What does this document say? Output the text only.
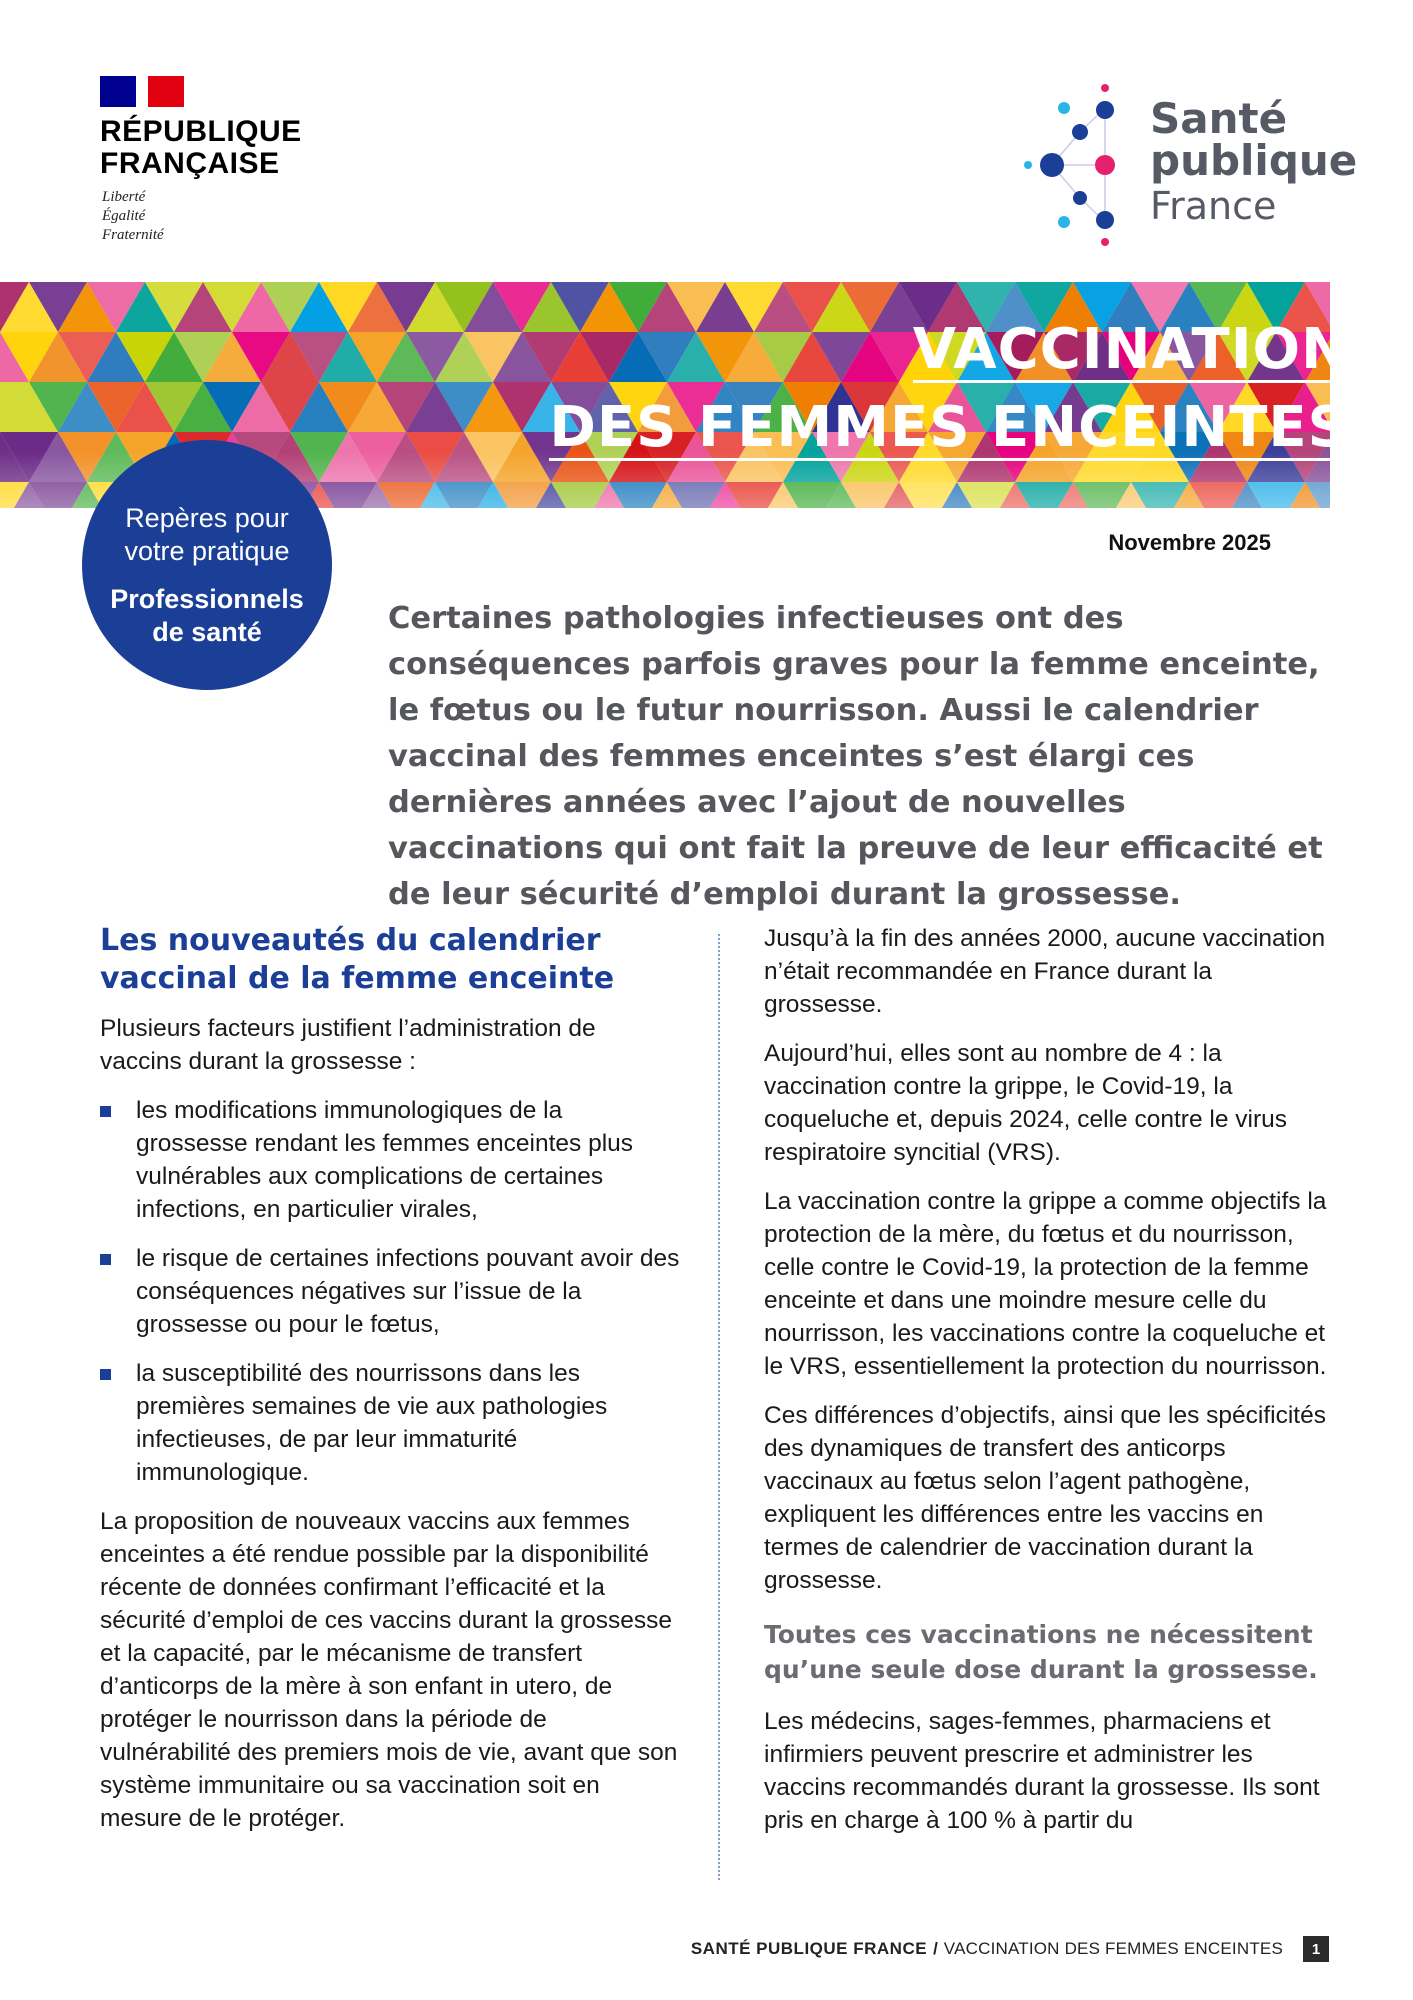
RÉPUBLIQUE
FRANÇAISE
Liberté
Égalité
Fraternité
Santé
publique
France
VACCINATION
DES FEMMES ENCEINTES
Repères pour
votre pratique
Professionnels
de santé
Novembre 2025
Certaines pathologies infectieuses ont des conséquences parfois graves pour la femme enceinte, le fœtus ou le futur nourrisson. Aussi le calendrier vaccinal des femmes enceintes s’est élargi ces dernières années avec l’ajout de nouvelles vaccinations qui ont fait la preuve de leur efficacité et de leur sécurité d’emploi durant la grossesse.
Les nouveautés du calendrier vaccinal de la femme enceinte

Plusieurs facteurs justifient l’administration de vaccins durant la grossesse :

les modifications immunologiques de la grossesse rendant les femmes enceintes plus vulnérables aux complications de certaines infections, en particulier virales,
le risque de certaines infections pouvant avoir des conséquences négatives sur l’issue de la grossesse ou pour le fœtus,
la susceptibilité des nourrissons dans les premières semaines de vie aux pathologies infectieuses, de par leur immaturité immunologique.

La proposition de nouveaux vaccins aux femmes enceintes a été rendue possible par la disponibilité récente de données confirmant l’efficacité et la sécurité d’emploi de ces vaccins durant la grossesse et la capacité, par le mécanisme de transfert d’anticorps de la mère à son enfant in utero, de protéger le nourrisson dans la période de vulnérabilité des premiers mois de vie, avant que son système immunitaire ou sa vaccination soit en mesure de le protéger.

Jusqu’à la fin des années 2000, aucune vaccination n’était recommandée en France durant la grossesse.

Aujourd’hui, elles sont au nombre de 4 : la vaccination contre la grippe, le Covid-19, la coqueluche et, depuis 2024, celle contre le virus respiratoire syncitial (VRS).

La vaccination contre la grippe a comme objectifs la protection de la mère, du fœtus et du nourrisson, celle contre le Covid-19, la protection de la femme enceinte et dans une moindre mesure celle du nourrisson, les vaccinations contre la coqueluche et le VRS, essentiellement la protection du nourrisson.

Ces différences d’objectifs, ainsi que les spécificités des dynamiques de transfert des anticorps vaccinaux au fœtus selon l’agent pathogène, expliquent les différences entre les vaccins en termes de calendrier de vaccination durant la grossesse.

Toutes ces vaccinations ne nécessitent qu’une seule dose durant la grossesse.

Les médecins, sages-femmes, pharmaciens et infirmiers peuvent prescrire et administrer les vaccins recommandés durant la grossesse. Ils sont pris en charge à 100 % à partir du

SANTÉ PUBLIQUE FRANCE / VACCINATION DES FEMMES ENCEINTES	1
